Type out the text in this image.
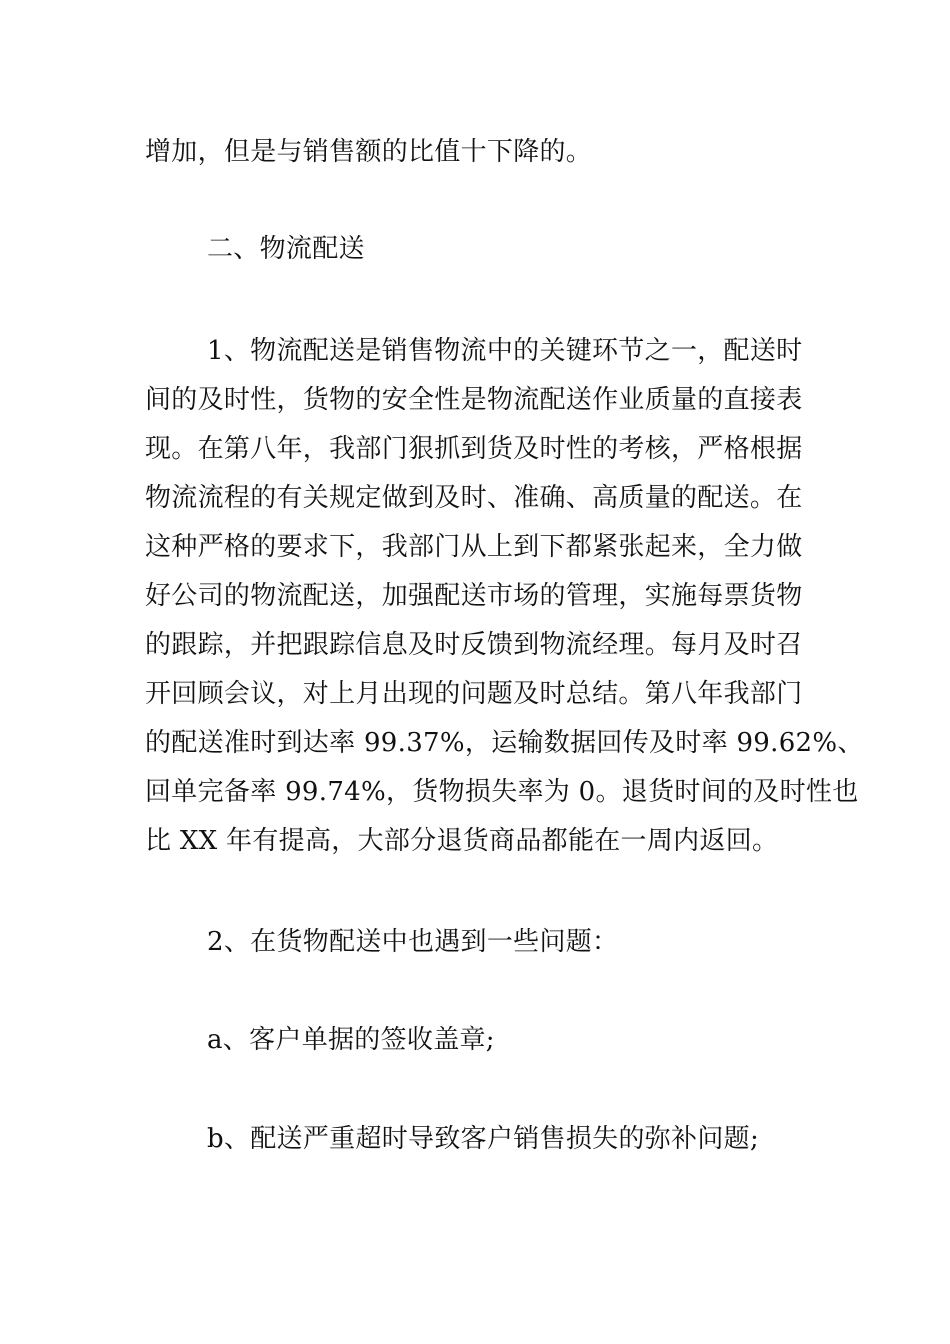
增加，但是与销售额的比值十下降的。
二、物流配送
1、物流配送是销售物流中的关键环节之一，配送时
间的及时性，货物的安全性是物流配送作业质量的直接表
现。在第八年，我部门狠抓到货及时性的考核，严格根据
物流流程的有关规定做到及时、准确、高质量的配送。在
这种严格的要求下，我部门从上到下都紧张起来，全力做
好公司的物流配送，加强配送市场的管理，实施每票货物
的跟踪，并把跟踪信息及时反馈到物流经理。每月及时召
开回顾会议，对上月出现的问题及时总结。第八年我部门
的配送准时到达率 99.37%，运输数据回传及时率 99.62%、
回单完备率 99.74%，货物损失率为 0。退货时间的及时性也
比 XX 年有提高，大部分退货商品都能在一周内返回。
2、在货物配送中也遇到一些问题：
a、客户单据的签收盖章;
b、配送严重超时导致客户销售损失的弥补问题;
